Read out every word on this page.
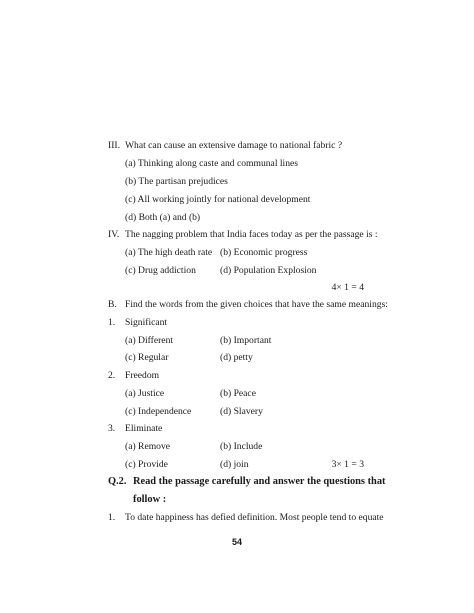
III. What can cause an extensive damage to national fabric ?
(a) Thinking along caste and communal lines
(b) The partisan prejudices
(c) All working jointly for national development
(d) Both (a) and (b)
IV. The nagging problem that India faces today as per the passage is :
(a) The high death rate (b) Economic progress
(c) Drug addiction	(d) Population Explosion
4× 1 = 4
B. Find the words from the given choices that have the same meanings:
1. Significant
(a) Different	(b) Important
(c) Regular	(d) petty
2. Freedom
(a) Justice	(b) Peace
(c) Independence	(d) Slavery
3. Eliminate
(a) Remove	(b) Include
(c) Provide	(d) join	3× 1 = 3
Q.2. Read the passage carefully and answer the questions that
follow :
1. To date happiness has defied definition. Most people tend to equate
54
